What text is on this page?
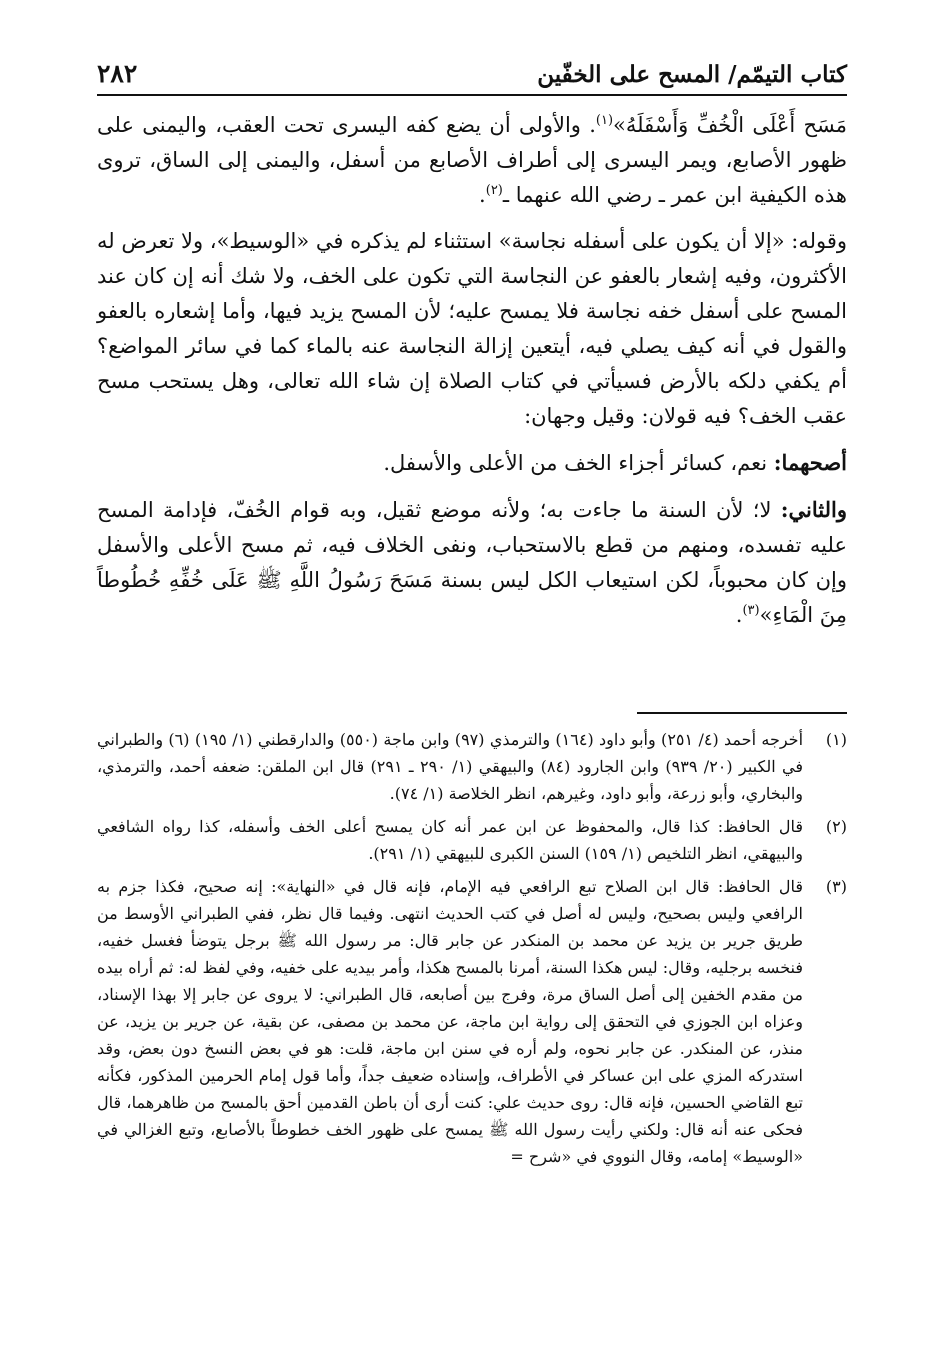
كتاب التيمّم/ المسح على الخفّين
٢٨٢

مَسَح أَعْلَى الْخُفِّ وَأَسْفَلَهُ»$^{(١)}$. والأولى أن يضع كفه اليسرى تحت العقب، واليمنى على ظهور الأصابع، ويمر اليسرى إلى أطراف الأصابع من أسفل، واليمنى إلى الساق، تروى هذه الكيفية ابن عمر ـ رضي الله عنهما ـ$^{(٢)}$.

وقوله: «إلا أن يكون على أسفله نجاسة» استثناء لم يذكره في «الوسيط»، ولا تعرض له الأكثرون، وفيه إشعار بالعفو عن النجاسة التي تكون على الخف، ولا شك أنه إن كان عند المسح على أسفل خفه نجاسة فلا يمسح عليه؛ لأن المسح يزيد فيها، وأما إشعاره بالعفو والقول في أنه كيف يصلي فيه، أيتعين إزالة النجاسة عنه بالماء كما في سائر المواضع؟ أم يكفي دلكه بالأرض فسيأتي في كتاب الصلاة إن شاء الله تعالى، وهل يستحب مسح عقب الخف؟ فيه قولان: وقيل وجهان:

أصحهما: نعم، كسائر أجزاء الخف من الأعلى والأسفل.

والثاني: لا؛ لأن السنة ما جاءت به؛ ولأنه موضع ثقيل، وبه قوام الخُفّ، فإدامة المسح عليه تفسده، ومنهم من قطع بالاستحباب، ونفى الخلاف فيه، ثم مسح الأعلى والأسفل وإن كان محبوباً، لكن استيعاب الكل ليس بسنة مَسَحَ رَسُولُ اللَّهِ ﷺ عَلَى خُفِّهِ خُطُوطاً مِنَ الْمَاءِ»$^{(٣)}$.

(١)
أخرجه أحمد (٤/ ٢٥١) وأبو داود (١٦٤) والترمذي (٩٧) وابن ماجة (٥٥٠) والدارقطني (١/ ١٩٥) (٦) والطبراني في الكبير (٢٠/ ٩٣٩) وابن الجارود (٨٤) والبيهقي (١/ ٢٩٠ ـ ٢٩١) قال ابن الملقن: ضعفه أحمد، والترمذي، والبخاري، وأبو زرعة، وأبو داود، وغيرهم، انظر الخلاصة (١/ ٧٤).
(٢)
قال الحافظ: كذا قال، والمحفوظ عن ابن عمر أنه كان يمسح أعلى الخف وأسفله، كذا رواه الشافعي والبيهقي، انظر التلخيص (١/ ١٥٩) السنن الكبرى للبيهقي (١/ ٢٩١).
(٣)
قال الحافظ: قال ابن الصلاح تبع الرافعي فيه الإمام، فإنه قال في «النهاية»: إنه صحيح، فكذا جزم به الرافعي وليس بصحيح، وليس له أصل في كتب الحديث انتهى. وفيما قال نظر، ففي الطبراني الأوسط من طريق جرير بن يزيد عن محمد بن المنكدر عن جابر قال: مر رسول الله ﷺ برجل يتوضأ فغسل خفيه، فنخسه برجليه، وقال: ليس هكذا السنة، أمرنا بالمسح هكذا، وأمر بيديه على خفيه، وفي لفظ له: ثم أراه بيده من مقدم الخفين إلى أصل الساق مرة، وفرج بين أصابعه، قال الطبراني: لا يروى عن جابر إلا بهذا الإسناد، وعزاه ابن الجوزي في التحقق إلى رواية ابن ماجة، عن محمد بن مصفى، عن بقية، عن جرير بن يزيد، عن منذر، عن المنكدر. عن جابر نحوه، ولم أره في سنن ابن ماجة، قلت: هو في بعض النسخ دون بعض، وقد استدركه المزي على ابن عساكر في الأطراف، وإسناده ضعيف جداً، وأما قول إمام الحرمين المذكور، فكأنه تبع القاضي الحسين، فإنه قال: روى حديث علي: كنت أرى أن باطن القدمين أحق بالمسح من ظاهرهما، قال فحكى عنه أنه قال: ولكني رأيت رسول الله ﷺ يمسح على ظهور الخف خطوطاً بالأصابع، وتبع الغزالي في «الوسيط» إمامه، وقال النووي في «شرح =
